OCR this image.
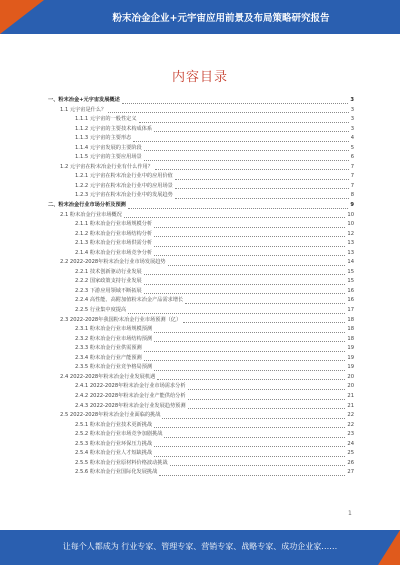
粉末冶金企业+元宇宙应用前景及布局策略研究报告
内容目录
一、粉末冶金+元宇宙发展概述	3
1.1 元宇宙是什么？	3
1.1.1 元宇宙的一般性定义	3
1.1.2 元宇宙的主要技术构成体系	3
1.1.3 元宇宙的主要形态	4
1.1.4 元宇宙发展的主要阶段	5
1.1.5 元宇宙的主要应用场景	6
1.2 元宇宙在粉末冶金行业有什么作用？	7
1.2.1 元宇宙在粉末冶金行业中的应用价值	7
1.2.2 元宇宙在粉末冶金行业中的应用场景	7
1.2.3 元宇宙在粉末冶金行业中的发展趋势	8
二、粉末冶金行业市场分析及预测	9
2.1 粉末冶金行业市场概况	10
2.1.1 粉末冶金行业市场规模分析	10
2.1.2 粉末冶金行业市场结构分析	12
2.1.3 粉末冶金行业市场供需分析	13
2.1.4 粉末冶金行业市场竞争分析	13
2.2 2022-2028年粉末冶金行业市场发展趋势	14
2.2.1 技术创新驱动行业发展	15
2.2.2 国家政策支持行业发展	15
2.2.3 下游应用领域不断拓展	16
2.2.4 高性能、高附加值粉末冶金产品需求增长	16
2.2.5 行业集中度提高	17
2.3 2022-2028年我国粉末冶金行业市场预测（亿）	18
2.3.1 粉末冶金行业市场规模预测	18
2.3.2 粉末冶金行业市场结构预测	18
2.3.3 粉末冶金行业供需预测	19
2.3.4 粉末冶金行业产能预测	19
2.3.5 粉末冶金行业竞争格局预测	19
2.4 2022-2028年粉末冶金行业发展机遇	20
2.4.1 2022-2028年粉末冶金行业市场需求分析	20
2.4.2 2022-2028年粉末冶金行业产能供给分析	21
2.4.3 2022-2028年粉末冶金行业发展趋势预测	21
2.5 2022-2028年粉末冶金行业面临的挑战	22
2.5.1 粉末冶金行业技术更新挑战	22
2.5.2 粉末冶金行业市场竞争加剧挑战	23
2.5.3 粉末冶金行业环保压力挑战	24
2.5.4 粉末冶金行业人才短缺挑战	25
2.5.5 粉末冶金行业原材料价格波动挑战	26
2.5.6 粉末冶金行业国际化发展挑战	27
1
让每个人都成为 行业专家、管理专家、营销专家、战略专家、成功企业家……
